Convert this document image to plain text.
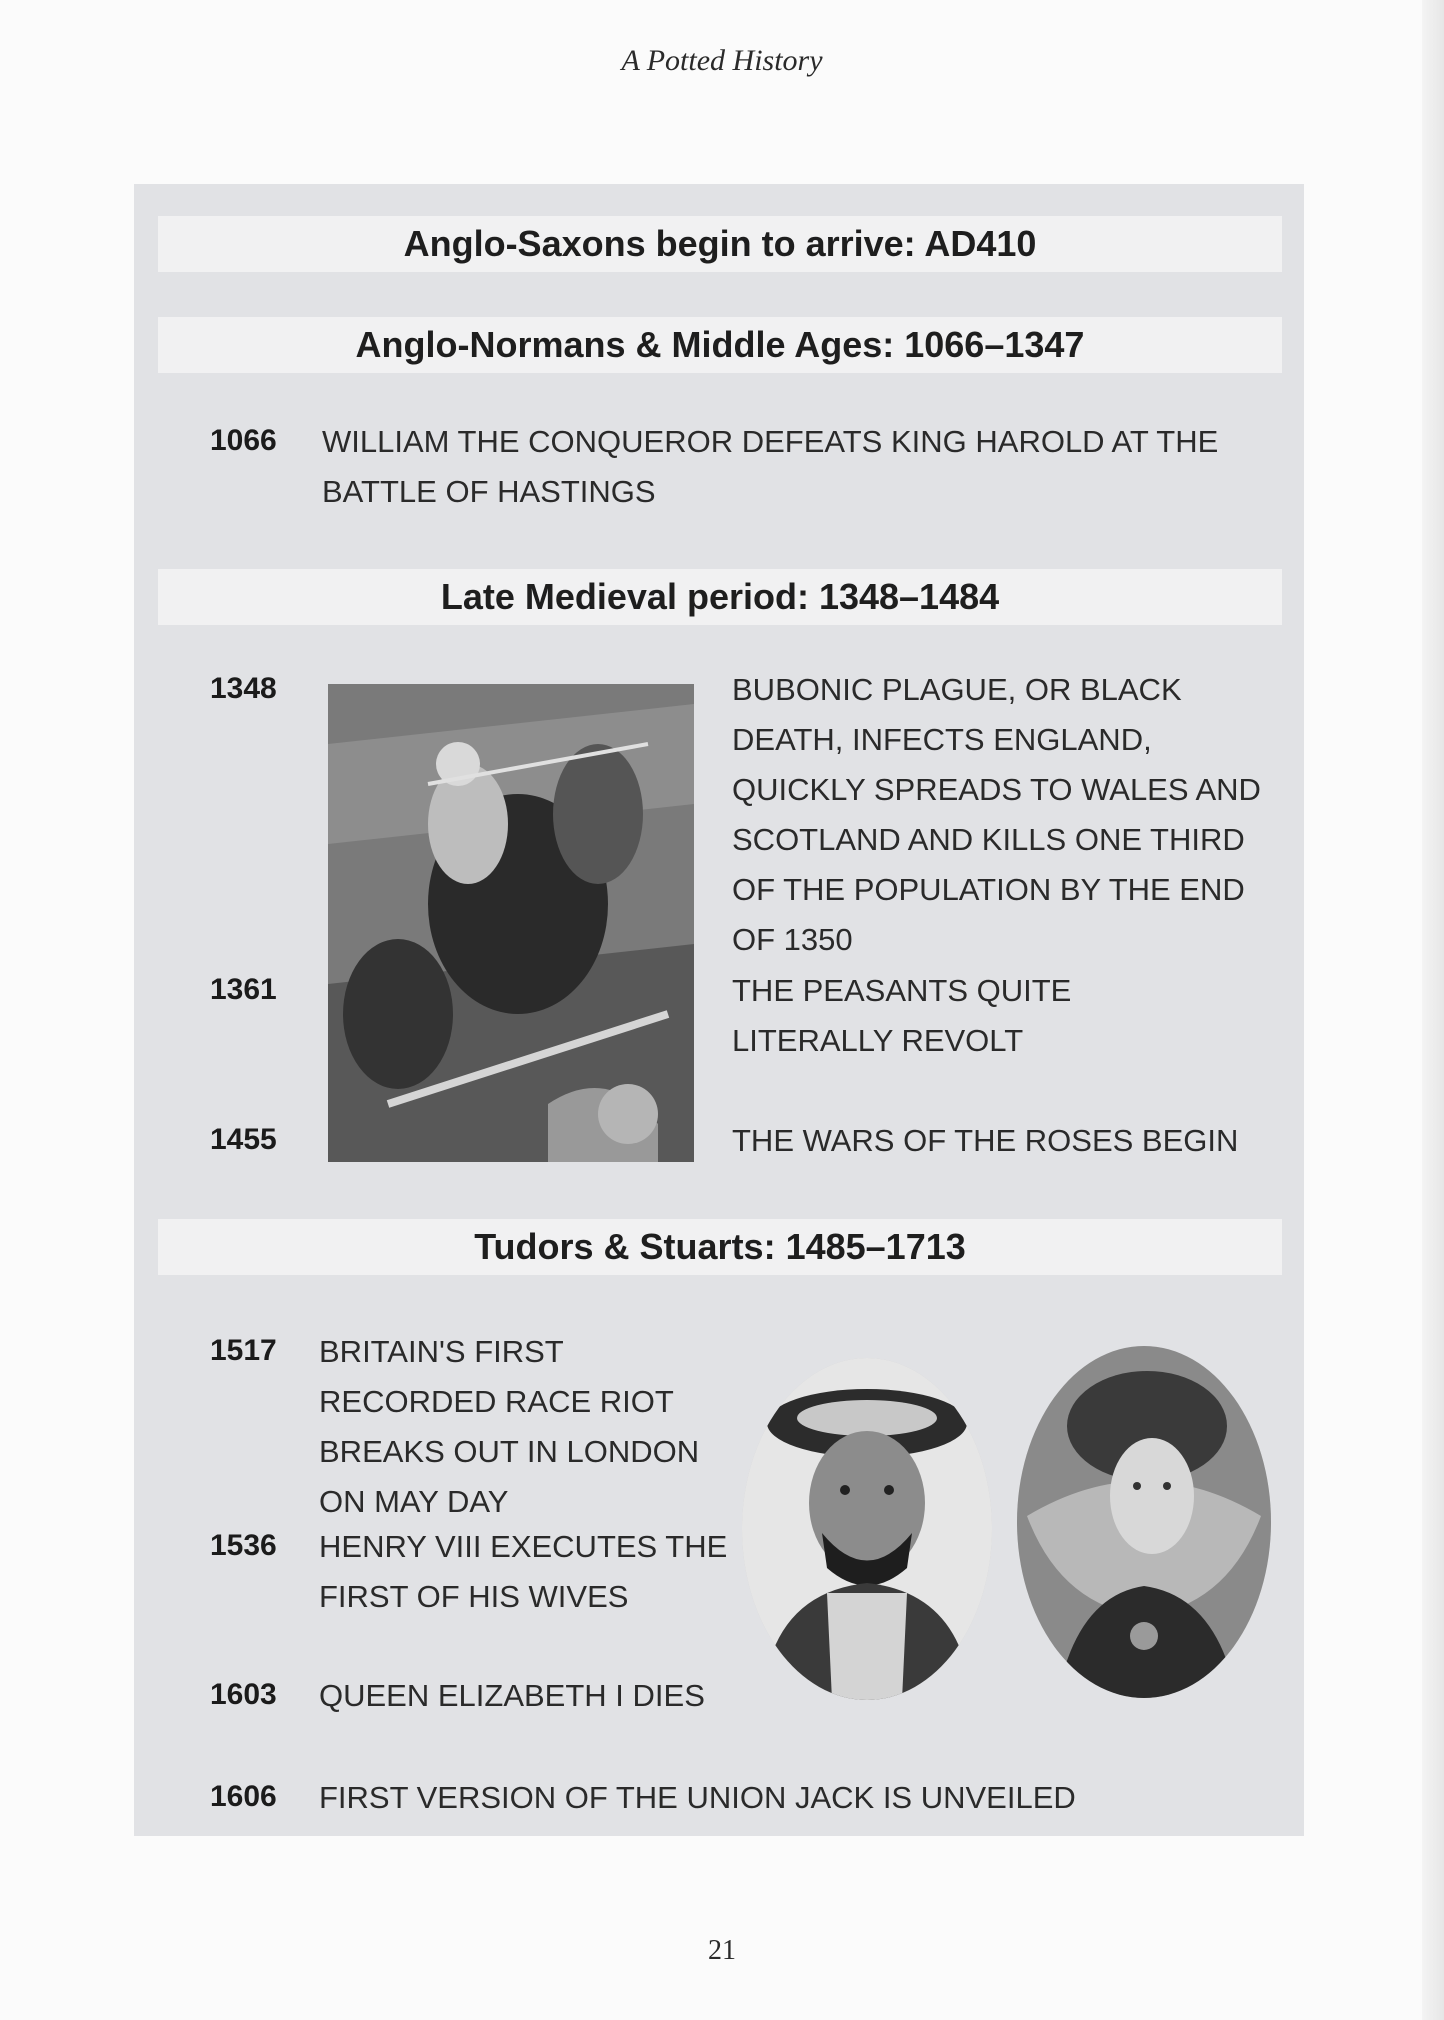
A Potted History
Anglo-Saxons begin to arrive: AD410
Anglo-Normans & Middle Ages: 1066–1347
1066 WILLIAM THE CONQUEROR DEFEATS KING HAROLD AT THE BATTLE OF HASTINGS
Late Medieval period: 1348–1484
1348	BUBONIC PLAGUE, OR BLACK DEATH, INFECTS ENGLAND, QUICKLY SPREADS TO WALES AND SCOTLAND AND KILLS ONE THIRD OF THE POPULATION BY THE END OF 1350
1361	THE PEASANTS QUITE LITERALLY REVOLT
1455	THE WARS OF THE ROSES BEGIN
Tudors & Stuarts: 1485–1713
1517 BRITAIN'S FIRST RECORDED RACE RIOT BREAKS OUT IN LONDON ON MAY DAY
1536 HENRY VIII EXECUTES THE FIRST OF HIS WIVES
1603 QUEEN ELIZABETH I DIES
1606 FIRST VERSION OF THE UNION JACK IS UNVEILED
21
